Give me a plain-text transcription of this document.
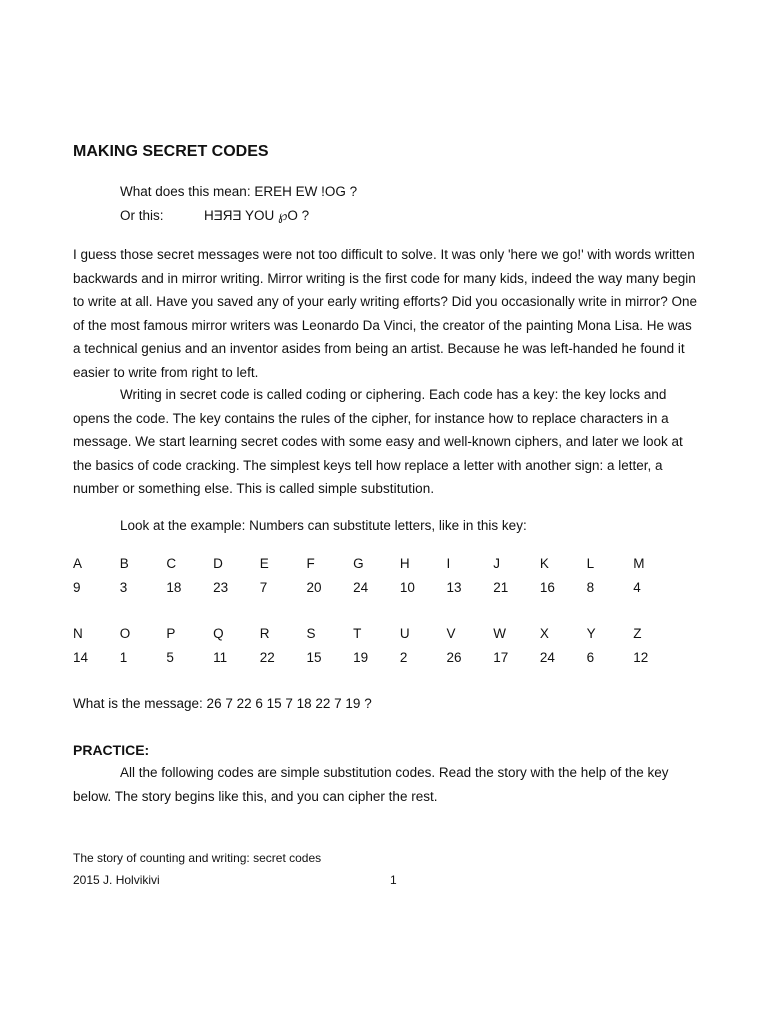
MAKING SECRET CODES
What does this mean: EREH EW !OG ?
Or this:	HƎЯƎ YOU ℘O ?
I guess those secret messages were not too difficult to solve. It was only 'here we go!' with words written backwards and in mirror writing. Mirror writing is the first code for many kids, indeed the way many begin to write at all. Have you saved any of your early writing efforts? Did you occasionally write in mirror? One of the most famous mirror writers was Leonardo Da Vinci, the creator of the painting Mona Lisa. He was a technical genius and an inventor asides from being an artist. Because he was left-handed he found it easier to write from right to left.
Writing in secret code is called coding or ciphering. Each code has a key: the key locks and opens the code. The key contains the rules of the cipher, for instance how to replace characters in a message. We start learning secret codes with some easy and well-known ciphers, and later we look at the basics of code cracking. The simplest keys tell how replace a letter with another sign: a letter, a number or something else. This is called simple substitution.
Look at the example: Numbers can substitute letters, like in this key:
A	B	C	D	E	F	G	H	I	J	K	L	M
9	3	18	23	7	20	24	10	13	21	16	8	4
N	O	P	Q	R	S	T	U	V	W	X	Y	Z
14	1	5	11	22	15	19	2	26	17	24	6	12
What is the message: 26 7 22 6 15 7 18 22 7 19 ?
PRACTICE:
All the following codes are simple substitution codes. Read the story with the help of the key below. The story begins like this, and you can cipher the rest.
The story of counting and writing: secret codes
2015 J. Holvikivi	1
